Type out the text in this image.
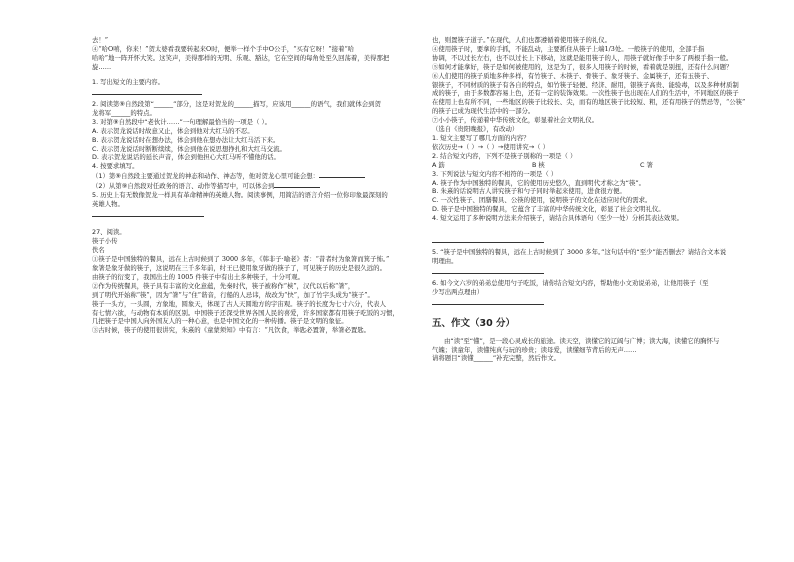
去！”
④“哈O嘻，你来！”贺太婆看我要转起来O时，便举一样个手中O公手，“买有它呀！”接着“哈
哈哈”地一阵开怀大笑。这笑声，美得那样的无明、乐观、豁达，它在空间的每角处至久回荡着，美得那把
旋……
1. 写出短文的主要内容。
2. 阅读第⑨自然段第“______”部分，这是对贺龙的______描写，应该用______的语气，我们就体会到贺
龙将军______的特点。
3. 对第⑨自然段中“老伙计……”一句理解最恰当的一项是（ ）。
A. 表示贺龙说话时故意又止，体会到他对大红马的不忍。
B. 表示贺龙说话时在想办法，体会到他在想办法让大红马活下来。
C. 表示贺龙说话时断断续续，体会到他在说思想挣扎和大红马交流。
D. 表示贺龙说话的延长声音，体会到他担心大红马听不懂他的话。
4. 按要求填写。
（1）第⑨自然段主要通过贺龙的神态和动作、神态等，他对贺龙心里可能会想：
（2）从第⑨自然段对任政务的语言、动作等描写中，可以体会到
5. 历史上有无数像贺龙一样具有革命精神的英雄人物。阅读事例，用简洁的语言介绍一位你印象最深刻的
英雄人物。
27、阅读。
筷子小传
佚名
①筷子是中国独特的餐具，远在上古时候到了 3000 多年，《韩非子·喻老》者：“昔者纣为象箸而箕子怖。”
象箸是象牙做的筷子，这说明在三千多年前，纣王已使用象牙做的筷子了，可见筷子的历史是很久远的。
由筷子的衍变了，我国出土的 1005 件筷子中有出土多种筷子，十分可观。
②作为传统餐具，筷子具有丰富的文化意蕴，先秦时代，筷子被称作“梜”，汉代以后称“箸”，
到了明代开始称“筷”，因为“箸”与“住”谐音，行船的人忌讳，故改为“快”，加了竹字头成为“筷子”。
筷子一头方，一头圆，方象地，圆象天，体现了古人天圆地方的宇宙观。筷子的长度为七寸六分，代表人
有七情六欲，与动物有本质的区别。中国筷子还深受世界各国人民的喜爱，许多国家都有用筷子吃饭的习惯，
几把筷子是中国人向外国友人的一种心意，也是中国文化的一种传播。筷子是文明的象征。
③古时候，筷子的使用很讲究，朱熹的《童蒙须知》中有言：“凡饮食，举匙必置箸，举箸必置匙。
也，则置筷子道子。”在现代，人们也都遵循着使用筷子的礼仪。
④使用筷子时，要拿的手抓，不能乱动，主要抓住从筷子上端1/3处。一般筷子的使用，全部手指
协调，不以过长左右，也不以过长上下移动，这就是能用筷子的人，用筷子就好像手中多了两根手指一般。
⑤如何才能拿好，筷子是如何被使用的，这是为了，很多人用筷子的时候，看着就是别扭，还有什么问题？
⑥人们使用的筷子质地多种多样，有竹筷子、木筷子、骨筷子、象牙筷子、金属筷子，还有玉筷子、
银筷子，不同材质的筷子有各自的特点，如竹筷子轻便、经济、耐用，银筷子高贵、能验毒，以及多种材质制
成的筷子，由于多数都容易上色，还有一定的装饰效果。一次性筷子也出现在人们的生活中，不同地区的筷子
在使用上也有所不同，一些地区的筷子比较长、尖，而有的地区筷子比较短、粗，还有用筷子的禁忌等，“公筷”
的筷子已成为现代生活中的一部分。
⑦小小筷子，传递着中华传统文化，彰显着社会文明礼仪。
（选自《贵阳晚报》，有改动）
1. 短文主要写了哪几方面的内容？
依次历史→（ ）→（ ）→使用讲究→（ ）
2. 结合短文内容，下列不是筷子别称的一项是（ ）
A 筯	B 梜	C 箸
3. 下列说法与短文内容不相符的一项是（ ）
A. 筷子作为中国独特的餐具，它的使用历史悠久，直到明代才称之为“筷”。
B. 朱熹的话说明古人讲究筷子和勺子同时举起来使用，进食很方便。
C. 一次性筷子、团膳餐具、公筷的使用，说明筷子的文化在适应时代的需求。
D. 筷子是中国独特的餐具，它蕴含了丰富的中华传统文化，彰显了社会文明礼仪。
4. 短文运用了多种说明方法来介绍筷子，请结合具体语句（至少一处）分析其表达效果。
5. “筷子是中国独特的餐具，远在上古时候到了 3000 多年。”这句话中的“至少”能否删去？请结合文本说
明理由。
6. 如今文六岁的弟弟总使用勺子吃饭，请你结合短文内容，帮助他小文劝说弟弟，让他用筷子（至
少写出两点理由）
五、作文（30 分）
由“读”至“懂”，是一段心灵成长的旅途。读天空，读懂它的辽阔与广博；读大海，读懂它的胸怀与
气魄；读童年，读懂纯真与玩的珍贵；读母爱，读懂细节背后的无声……
请将题目“读懂______”补充完整，然后作文。
